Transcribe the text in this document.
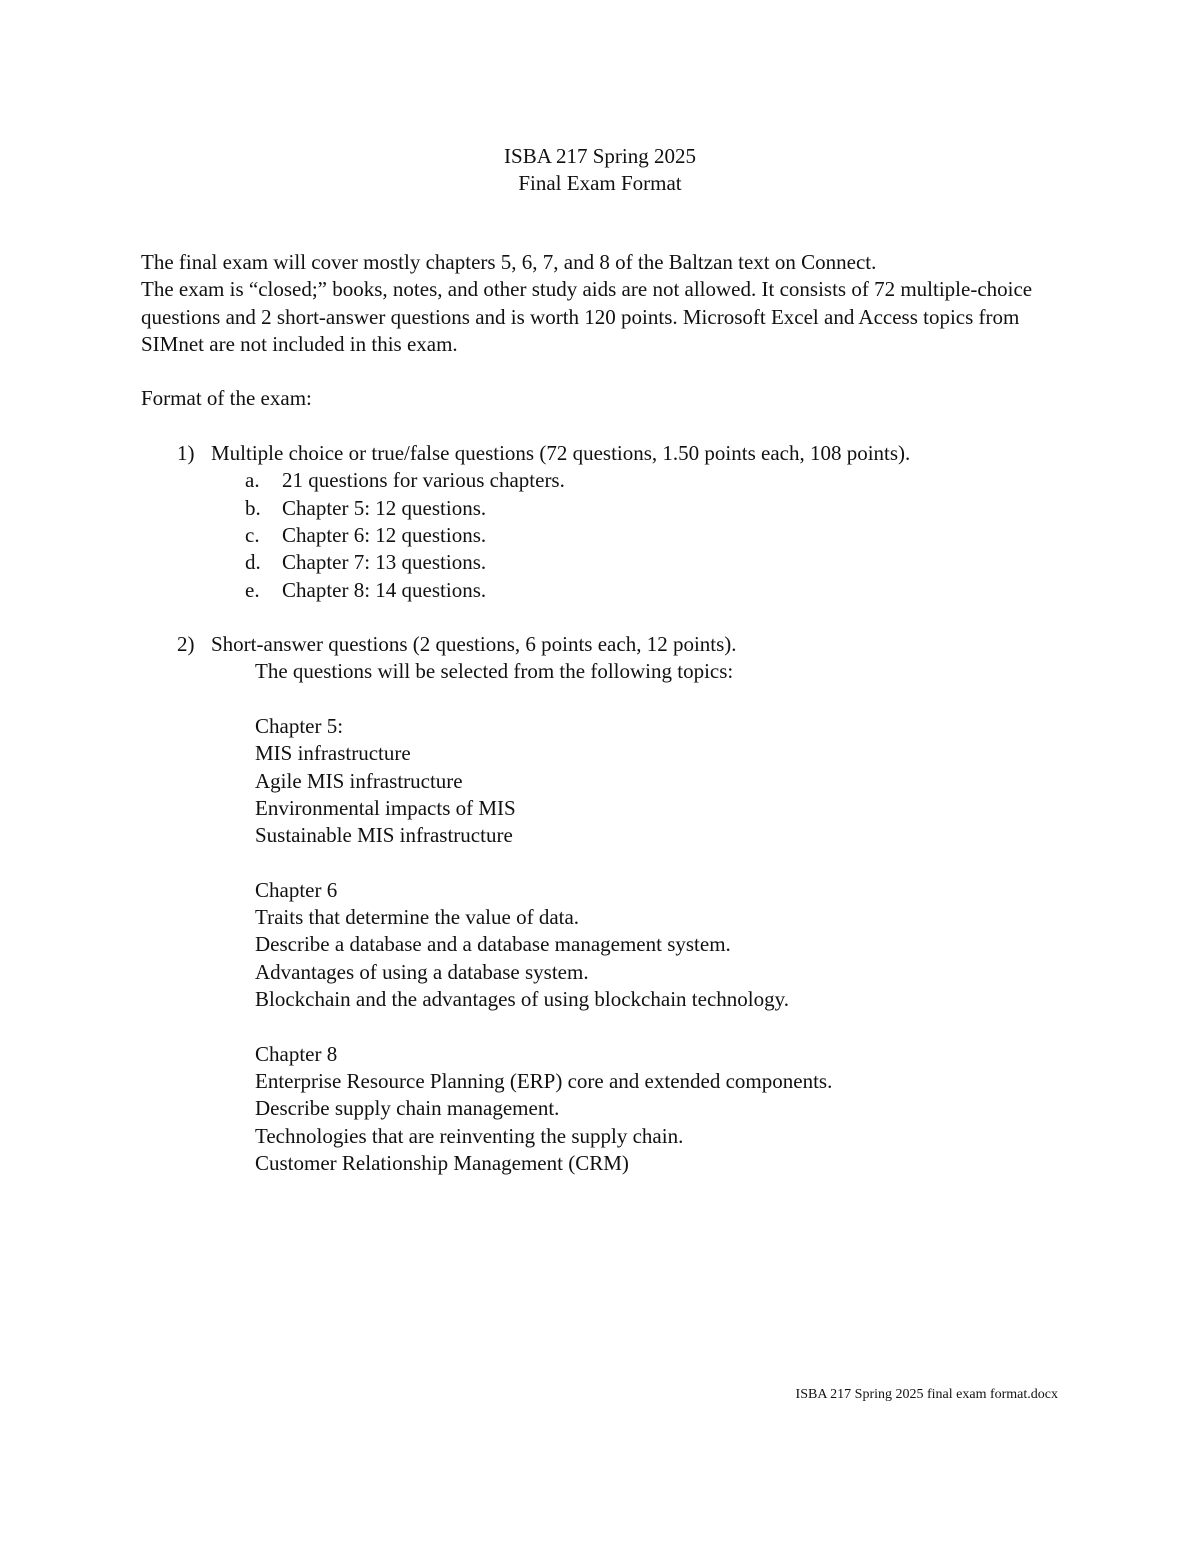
ISBA 217 Spring 2025
Final Exam Format

The final exam will cover mostly chapters 5, 6, 7, and 8 of the Baltzan text on Connect.

The exam is “closed;” books, notes, and other study aids are not allowed. It consists of 72 multiple-choice questions and 2 short-answer questions and is worth 120 points. Microsoft Excel and Access topics from SIMnet are not included in this exam.

Format of the exam:

1) Multiple choice or true/false questions (72 questions, 1.50 points each, 108 points).
a. 21 questions for various chapters.
b. Chapter 5: 12 questions.
c. Chapter 6: 12 questions.
d. Chapter 7: 13 questions.
e. Chapter 8: 14 questions.
2) Short-answer questions (2 questions, 6 points each, 12 points).
The questions will be selected from the following topics:
Chapter 5:
MIS infrastructure
Agile MIS infrastructure
Environmental impacts of MIS
Sustainable MIS infrastructure
Chapter 6
Traits that determine the value of data.
Describe a database and a database management system.
Advantages of using a database system.
Blockchain and the advantages of using blockchain technology.
Chapter 8
Enterprise Resource Planning (ERP) core and extended components.
Describe supply chain management.
Technologies that are reinventing the supply chain.
Customer Relationship Management (CRM)
ISBA 217 Spring 2025 final exam format.docx
